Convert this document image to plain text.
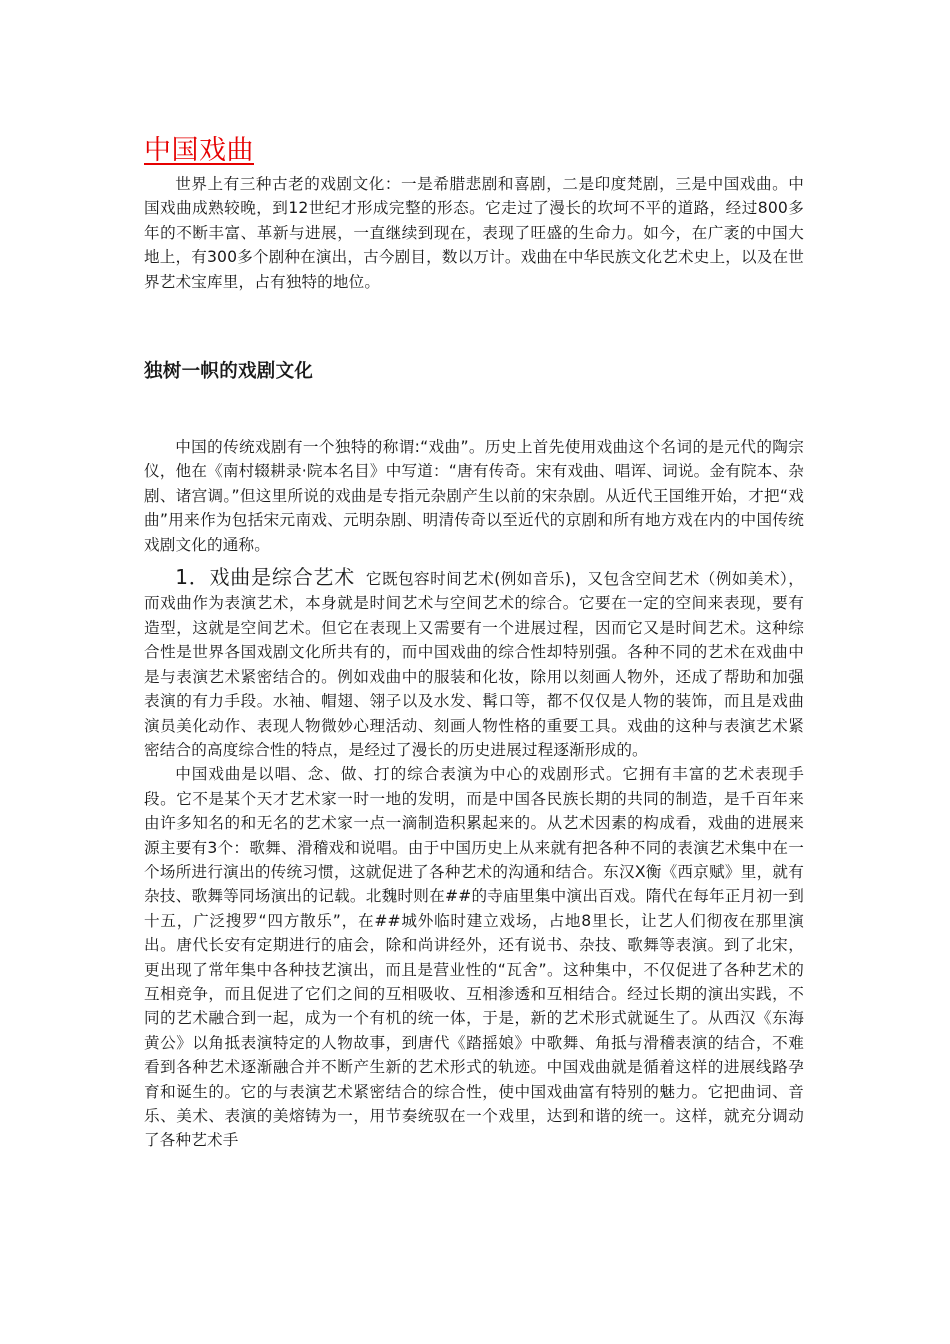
中国戏曲

世界上有三种古老的戏剧文化：一是希腊悲剧和喜剧，二是印度梵剧，三是中国戏曲。中国戏曲成熟较晚，到12世纪才形成完整的形态。它走过了漫长的坎坷不平的道路，经过800多年的不断丰富、革新与进展，一直继续到现在，表现了旺盛的生命力。如今，在广袤的中国大地上，有300多个剧种在演出，古今剧目，数以万计。戏曲在中华民族文化艺术史上，以及在世界艺术宝库里，占有独特的地位。

独树一帜的戏剧文化

中国的传统戏剧有一个独特的称谓:“戏曲”。历史上首先使用戏曲这个名词的是元代的陶宗仪，他在《南村辍耕录·院本名目》中写道：“唐有传奇。宋有戏曲、唱诨、词说。金有院本、杂剧、诸宫调。”但这里所说的戏曲是专指元杂剧产生以前的宋杂剧。从近代王国维开始，才把“戏曲”用来作为包括宋元南戏、元明杂剧、明清传奇以至近代的京剧和所有地方戏在内的中国传统戏剧文化的通称。

1．戏曲是综合艺术 它既包容时间艺术(例如音乐)，又包含空间艺术（例如美术），而戏曲作为表演艺术，本身就是时间艺术与空间艺术的综合。它要在一定的空间来表现，要有造型，这就是空间艺术。但它在表现上又需要有一个进展过程，因而它又是时间艺术。这种综合性是世界各国戏剧文化所共有的，而中国戏曲的综合性却特别强。各种不同的艺术在戏曲中是与表演艺术紧密结合的。例如戏曲中的服装和化妆，除用以刻画人物外，还成了帮助和加强表演的有力手段。水袖、帽翅、翎子以及水发、髯口等，都不仅仅是人物的装饰，而且是戏曲演员美化动作、表现人物微妙心理活动、刻画人物性格的重要工具。戏曲的这种与表演艺术紧密结合的高度综合性的特点，是经过了漫长的历史进展过程逐渐形成的。

中国戏曲是以唱、念、做、打的综合表演为中心的戏剧形式。它拥有丰富的艺术表现手段。它不是某个天才艺术家一时一地的发明，而是中国各民族长期的共同的制造，是千百年来由许多知名的和无名的艺术家一点一滴制造积累起来的。从艺术因素的构成看，戏曲的进展来源主要有3个：歌舞、滑稽戏和说唱。由于中国历史上从来就有把各种不同的表演艺术集中在一个场所进行演出的传统习惯，这就促进了各种艺术的沟通和结合。东汉X衡《西京赋》里，就有杂技、歌舞等同场演出的记载。北魏时则在##的寺庙里集中演出百戏。隋代在每年正月初一到十五，广泛搜罗“四方散乐”，在##城外临时建立戏场，占地8里长，让艺人们彻夜在那里演出。唐代长安有定期进行的庙会，除和尚讲经外，还有说书、杂技、歌舞等表演。到了北宋，更出现了常年集中各种技艺演出，而且是营业性的“瓦舍”。这种集中，不仅促进了各种艺术的互相竞争，而且促进了它们之间的互相吸收、互相渗透和互相结合。经过长期的演出实践，不同的艺术融合到一起，成为一个有机的统一体，于是，新的艺术形式就诞生了。从西汉《东海黄公》以角抵表演特定的人物故事，到唐代《踏摇娘》中歌舞、角抵与滑稽表演的结合，不难看到各种艺术逐渐融合并不断产生新的艺术形式的轨迹。中国戏曲就是循着这样的进展线路孕育和诞生的。它的与表演艺术紧密结合的综合性，使中国戏曲富有特别的魅力。它把曲词、音乐、美术、表演的美熔铸为一，用节奏统驭在一个戏里，达到和谐的统一。这样，就充分调动了各种艺术手
